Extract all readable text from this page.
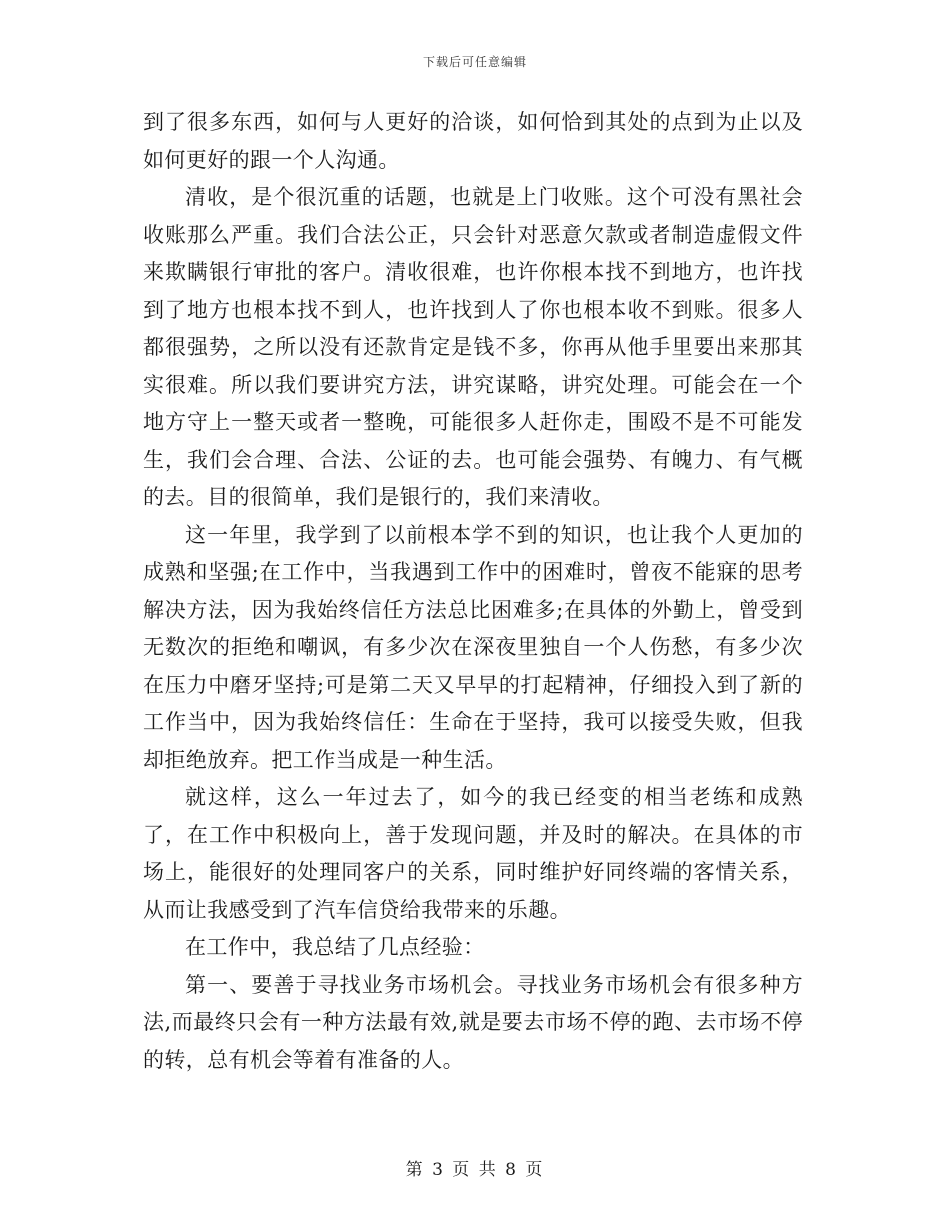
下载后可任意编辑

到了很多东西，如何与人更好的洽谈，如何恰到其处的点到为止以及如何更好的跟一个人沟通。

清收，是个很沉重的话题，也就是上门收账。这个可没有黑社会收账那么严重。我们合法公正，只会针对恶意欠款或者制造虚假文件来欺瞒银行审批的客户。清收很难，也许你根本找不到地方，也许找到了地方也根本找不到人，也许找到人了你也根本收不到账。很多人都很强势，之所以没有还款肯定是钱不多，你再从他手里要出来那其实很难。所以我们要讲究方法，讲究谋略，讲究处理。可能会在一个地方守上一整天或者一整晚，可能很多人赶你走，围殴不是不可能发生，我们会合理、合法、公证的去。也可能会强势、有魄力、有气概的去。目的很简单，我们是银行的，我们来清收。

这一年里，我学到了以前根本学不到的知识，也让我个人更加的成熟和坚强;在工作中，当我遇到工作中的困难时，曾夜不能寐的思考解决方法，因为我始终信任方法总比困难多;在具体的外勤上，曾受到无数次的拒绝和嘲讽，有多少次在深夜里独自一个人伤愁，有多少次在压力中磨牙坚持;可是第二天又早早的打起精神，仔细投入到了新的工作当中，因为我始终信任：生命在于坚持，我可以接受失败，但我却拒绝放弃。把工作当成是一种生活。

就这样，这么一年过去了，如今的我已经变的相当老练和成熟了，在工作中积极向上，善于发现问题，并及时的解决。在具体的市场上，能很好的处理同客户的关系，同时维护好同终端的客情关系，从而让我感受到了汽车信贷给我带来的乐趣。

在工作中，我总结了几点经验：

第一、要善于寻找业务市场机会。寻找业务市场机会有很多种方法,而最终只会有一种方法最有效,就是要去市场不停的跑、去市场不停的转，总有机会等着有准备的人。

第 3 页 共 8 页
